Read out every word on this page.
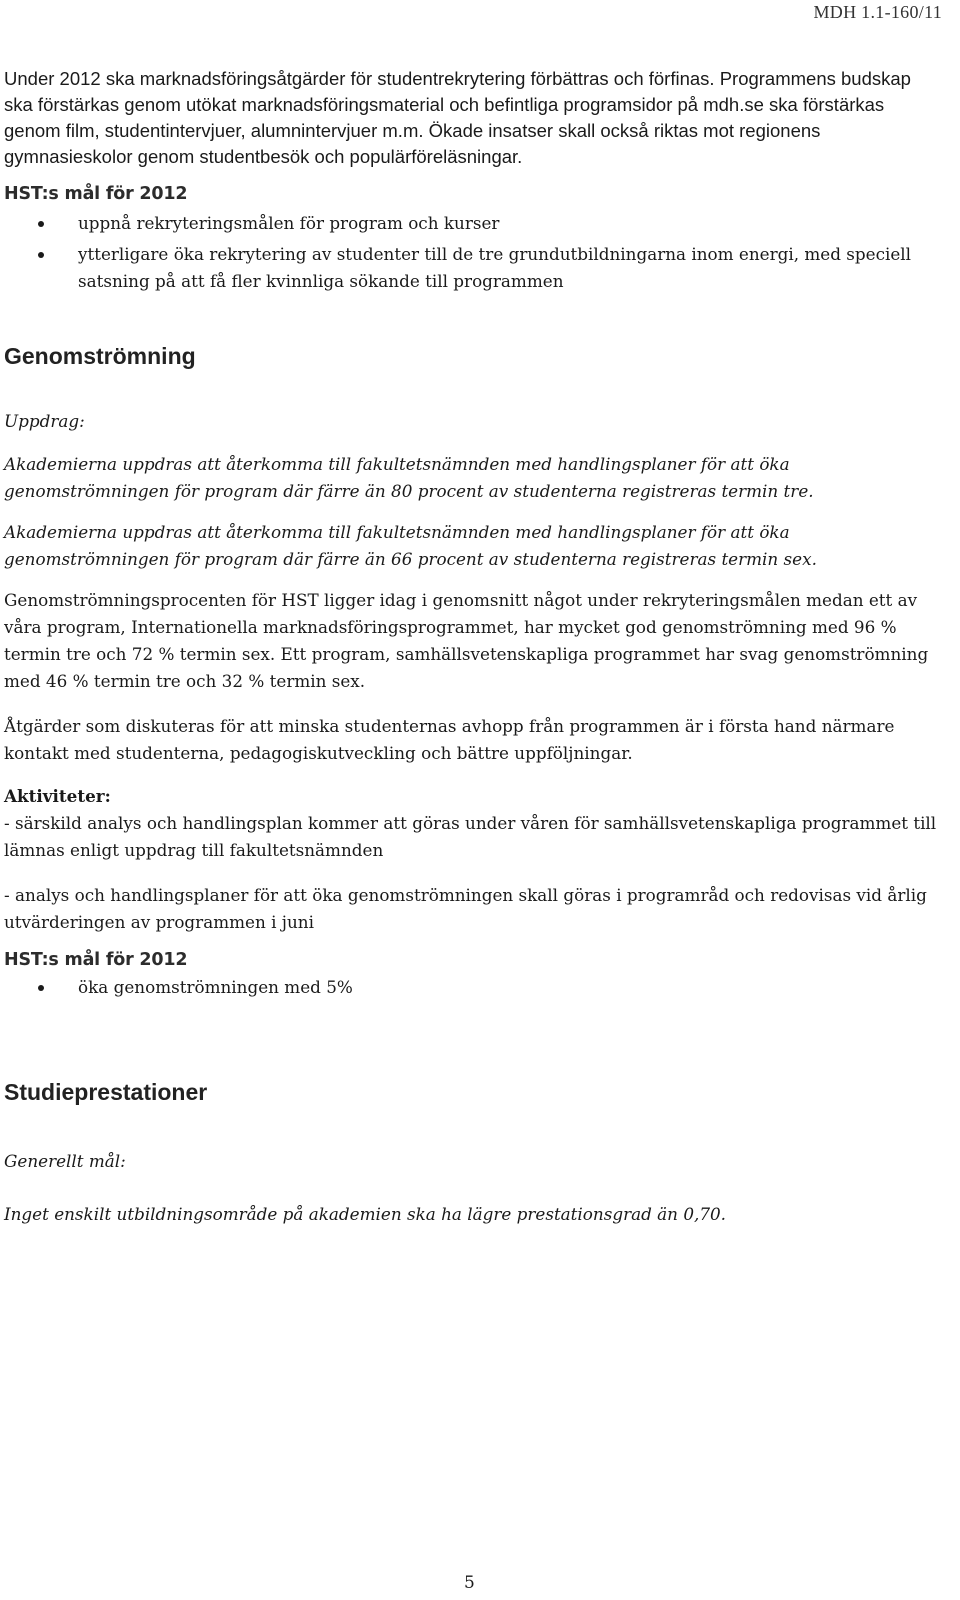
MDH 1.1-160/11

Under 2012 ska marknadsföringsåtgärder för studentrekrytering förbättras och förfinas. Programmens budskap ska förstärkas genom utökat marknadsföringsmaterial och befintliga programsidor på mdh.se ska förstärkas genom film, studentintervjuer, alumnintervjuer m.m. Ökade insatser skall också riktas mot regionens gymnasieskolor genom studentbesök och populärföreläsningar.

HST:s mål för 2012
uppnå rekryteringsmålen för program och kurser
ytterligare öka rekrytering av studenter till de tre grundutbildningarna inom energi, med speciell satsning på att få fler kvinnliga sökande till programmen
Genomströmning
Uppdrag:

Akademierna uppdras att återkomma till fakultetsnämnden med handlingsplaner för att öka genomströmningen för program där färre än 80 procent av studenterna registreras termin tre.

Akademierna uppdras att återkomma till fakultetsnämnden med handlingsplaner för att öka genomströmningen för program där färre än 66 procent av studenterna registreras termin sex.

Genomströmningsprocenten för HST ligger idag i genomsnitt något under rekryteringsmålen medan ett av våra program, Internationella marknadsföringsprogrammet, har mycket god genomströmning med 96 % termin tre och 72 % termin sex. Ett program, samhällsvetenskapliga programmet har svag genomströmning med 46 % termin tre och 32 % termin sex.

Åtgärder som diskuteras för att minska studenternas avhopp från programmen är i första hand närmare kontakt med studenterna, pedagogiskutveckling och bättre uppföljningar.

Aktiviteter:

- särskild analys och handlingsplan kommer att göras under våren för samhällsvetenskapliga programmet till lämnas enligt uppdrag till fakultetsnämnden

- analys och handlingsplaner för att öka genomströmningen skall göras i programråd och redovisas vid årlig utvärderingen av programmen i juni

HST:s mål för 2012
öka genomströmningen med 5%
Studieprestationer
Generellt mål:

Inget enskilt utbildningsområde på akademien ska ha lägre prestationsgrad än 0,70.

5
